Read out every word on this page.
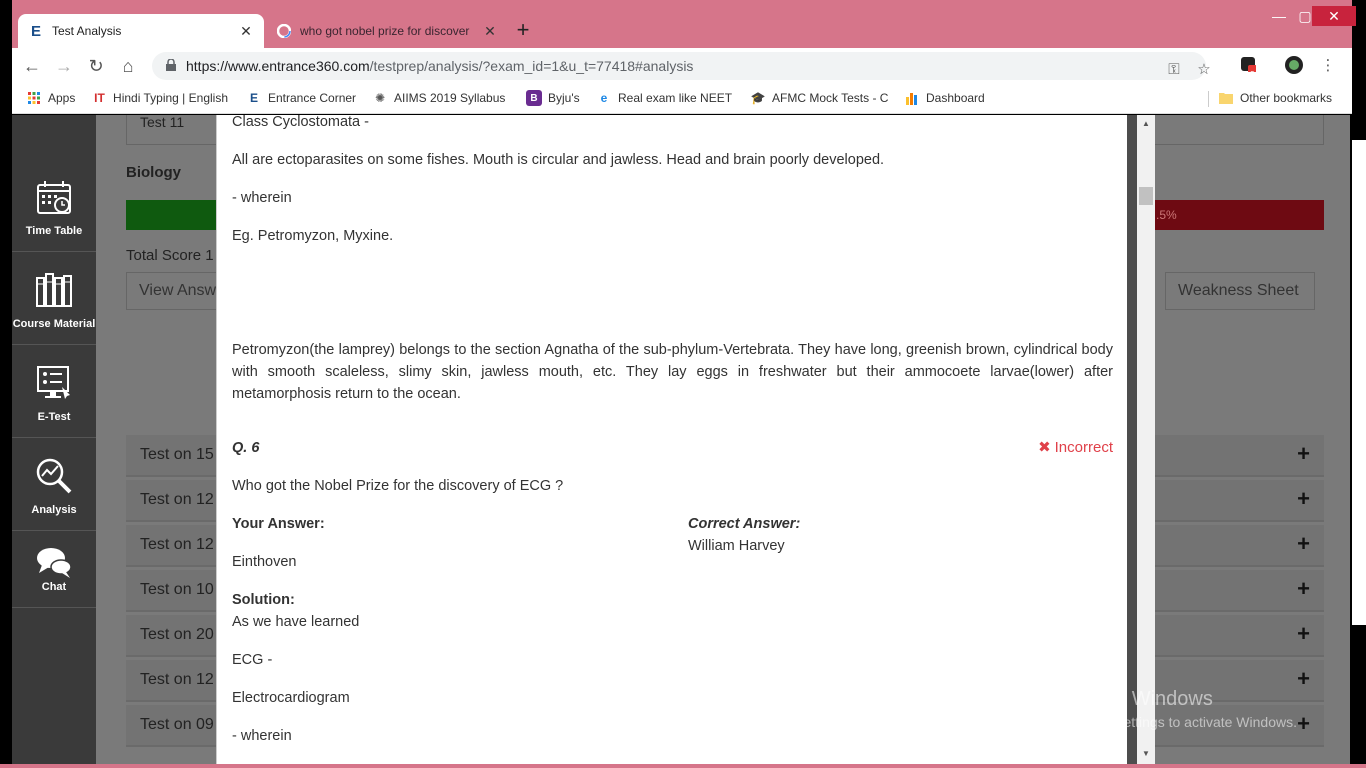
E Test Analysis	✕	who got nobel prize for discover	✕ +
— ▢	✕
← → ↻	⌂	https://www.entrance360.com/testprep/analysis/?exam_id=1&u_t=77418#analysis	⚿ ☆	2
⋮
Apps IT Hindi Typing | English	E Entrance Corner ✺ AIIMS 2019 Syllabus	B Byju's	e Real exam like NEET 🎓 AFMC Mock Tests - C	Dashboard	Other bookmarks
Time Table
Course Material
E-Test
Analysis
Chat
Test 11
Biology
.5%
Total Score 1
View Answ	Weakness Sheet
Test on 15	+
Test on 12	+
Test on 12	+
Test on 10	+
Test on 20	+
Test on 12	+
Test on 09	+
Class Cyclostomata -
All are ectoparasites on some fishes. Mouth is circular and jawless. Head and brain poorly developed.
- wherein
Eg. Petromyzon, Myxine.
Petromyzon(the lamprey) belongs to the section Agnatha of the sub-phylum-Vertebrata. They have long, greenish brown, cylindrical body with smooth scaleless, slimy skin, jawless mouth, etc. They lay eggs in freshwater but their ammocoete larvae(lower) after metamorphosis return to the ocean.
Q. 6	✖ Incorrect
Who got the Nobel Prize for the discovery of ECG ?
Your Answer:
Einthoven
Correct Answer:
William Harvey
Solution:
As we have learned
ECG -
Electrocardiogram
- wherein
▲
▼
Activate Windows
Go to PC settings to activate Windows.
